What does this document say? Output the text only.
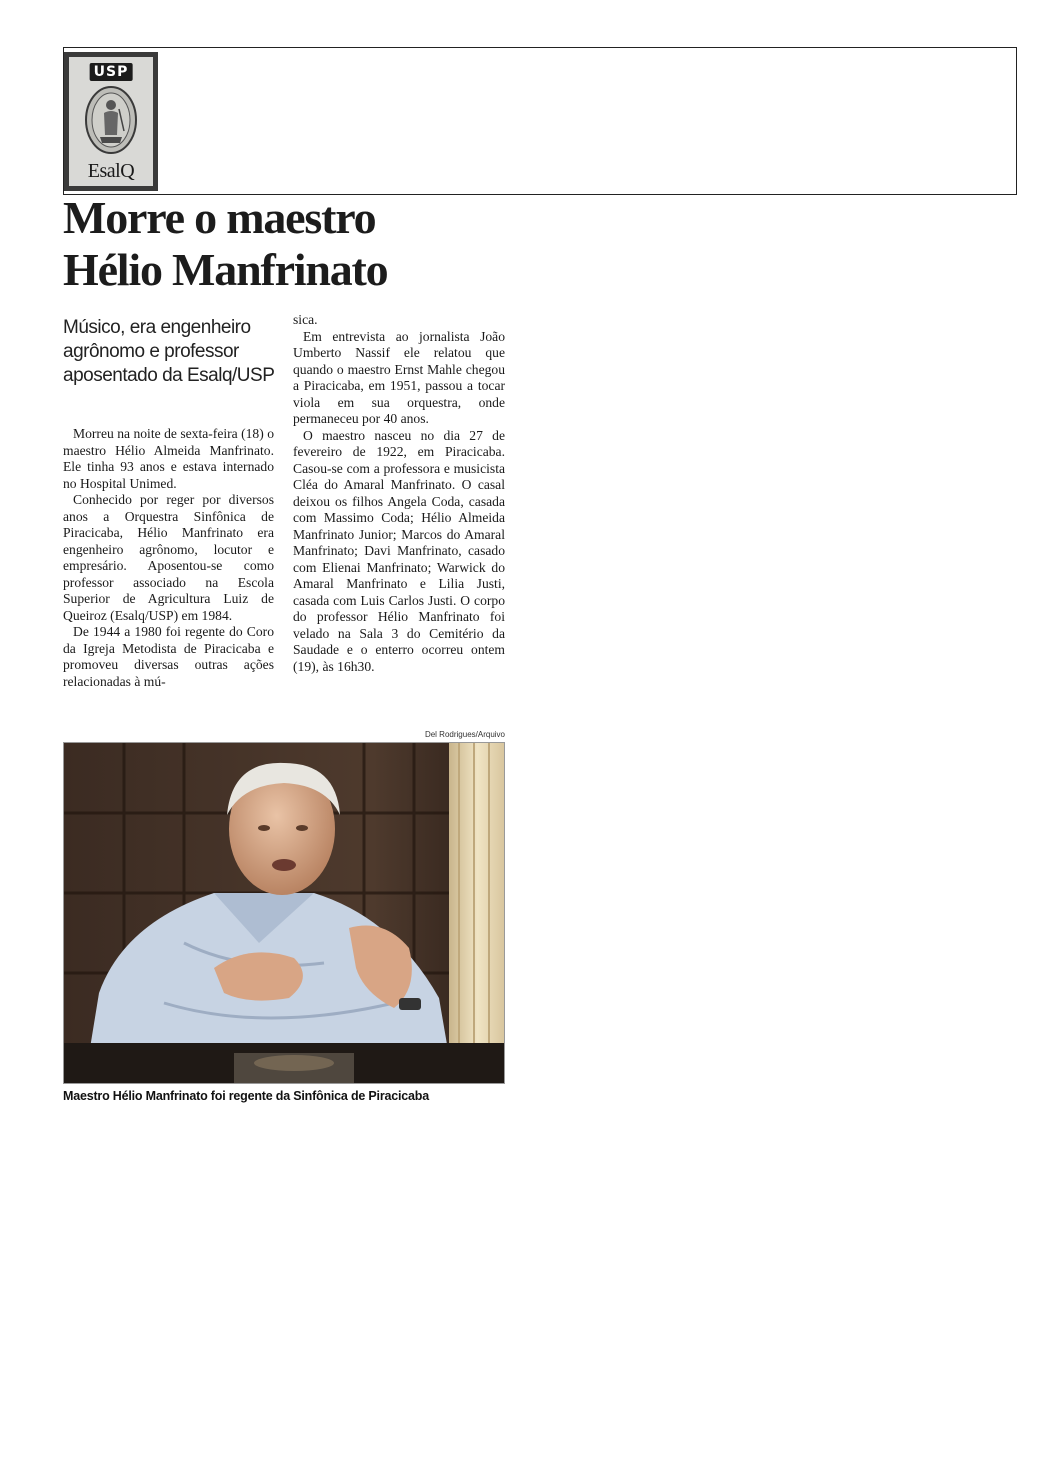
USP
EsalQ
Morre o maestro
Hélio Manfrinato
Músico, era engenheiro agrônomo e professor aposentado da Esalq/USP

Morreu na noite de sexta-feira (18) o maestro Hélio Almeida Manfrinato. Ele tinha 93 anos e estava internado no Hospital Unimed.

Conhecido por reger por diversos anos a Orquestra Sinfônica de Piracicaba, Hélio Manfrinato era engenheiro agrônomo, locutor e empresário. Aposentou-se como professor associado na Escola Superior de Agricultura Luiz de Queiroz (Esalq/USP) em 1984.

De 1944 a 1980 foi regente do Coro da Igreja Metodista de Piracicaba e promoveu diversas outras ações relacionadas à mú-

sica.

Em entrevista ao jornalista João Umberto Nassif ele relatou que quando o maestro Ernst Mahle chegou a Piracicaba, em 1951, passou a tocar viola em sua orquestra, onde permaneceu por 40 anos.

O maestro nasceu no dia 27 de fevereiro de 1922, em Piracicaba. Casou-se com a professora e musicista Cléa do Amaral Manfrinato. O casal deixou os filhos Angela Coda, casada com Massimo Coda; Hélio Almeida Manfrinato Junior; Marcos do Amaral Manfrinato; Davi Manfrinato, casado com Elienai Manfrinato; Warwick do Amaral Manfrinato e Lilia Justi, casada com Luis Carlos Justi. O corpo do professor Hélio Manfrinato foi velado na Sala 3 do Cemitério da Saudade e o enterro ocorreu ontem (19), às 16h30.

Del Rodrigues/Arquivo
Maestro Hélio Manfrinato foi regente da Sinfônica de Piracicaba
